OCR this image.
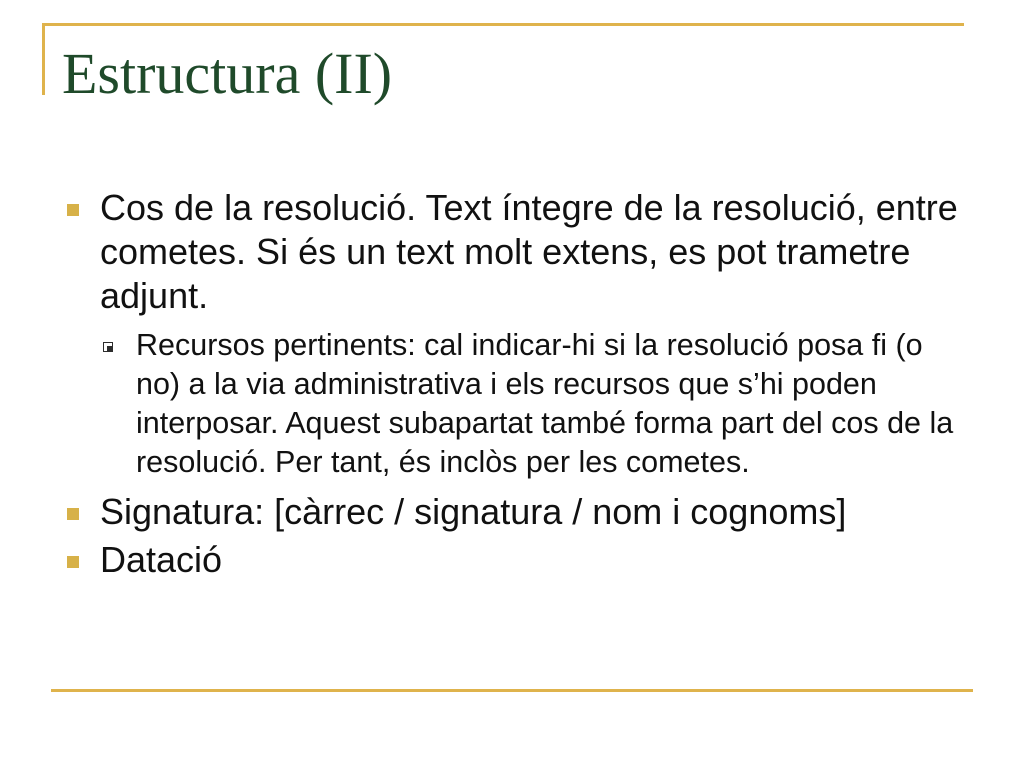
Estructura (II)
Cos de la resolució. Text íntegre de la resolució, entre cometes. Si és un text molt extens, es pot trametre adjunt.
Recursos pertinents: cal indicar-hi si la resolució posa fi (o no) a la via administrativa i els recursos que s’hi poden interposar. Aquest subapartat també forma part del cos de la resolució. Per tant, és inclòs per les cometes.
Signatura: [càrrec / signatura / nom i cognoms]
Datació
